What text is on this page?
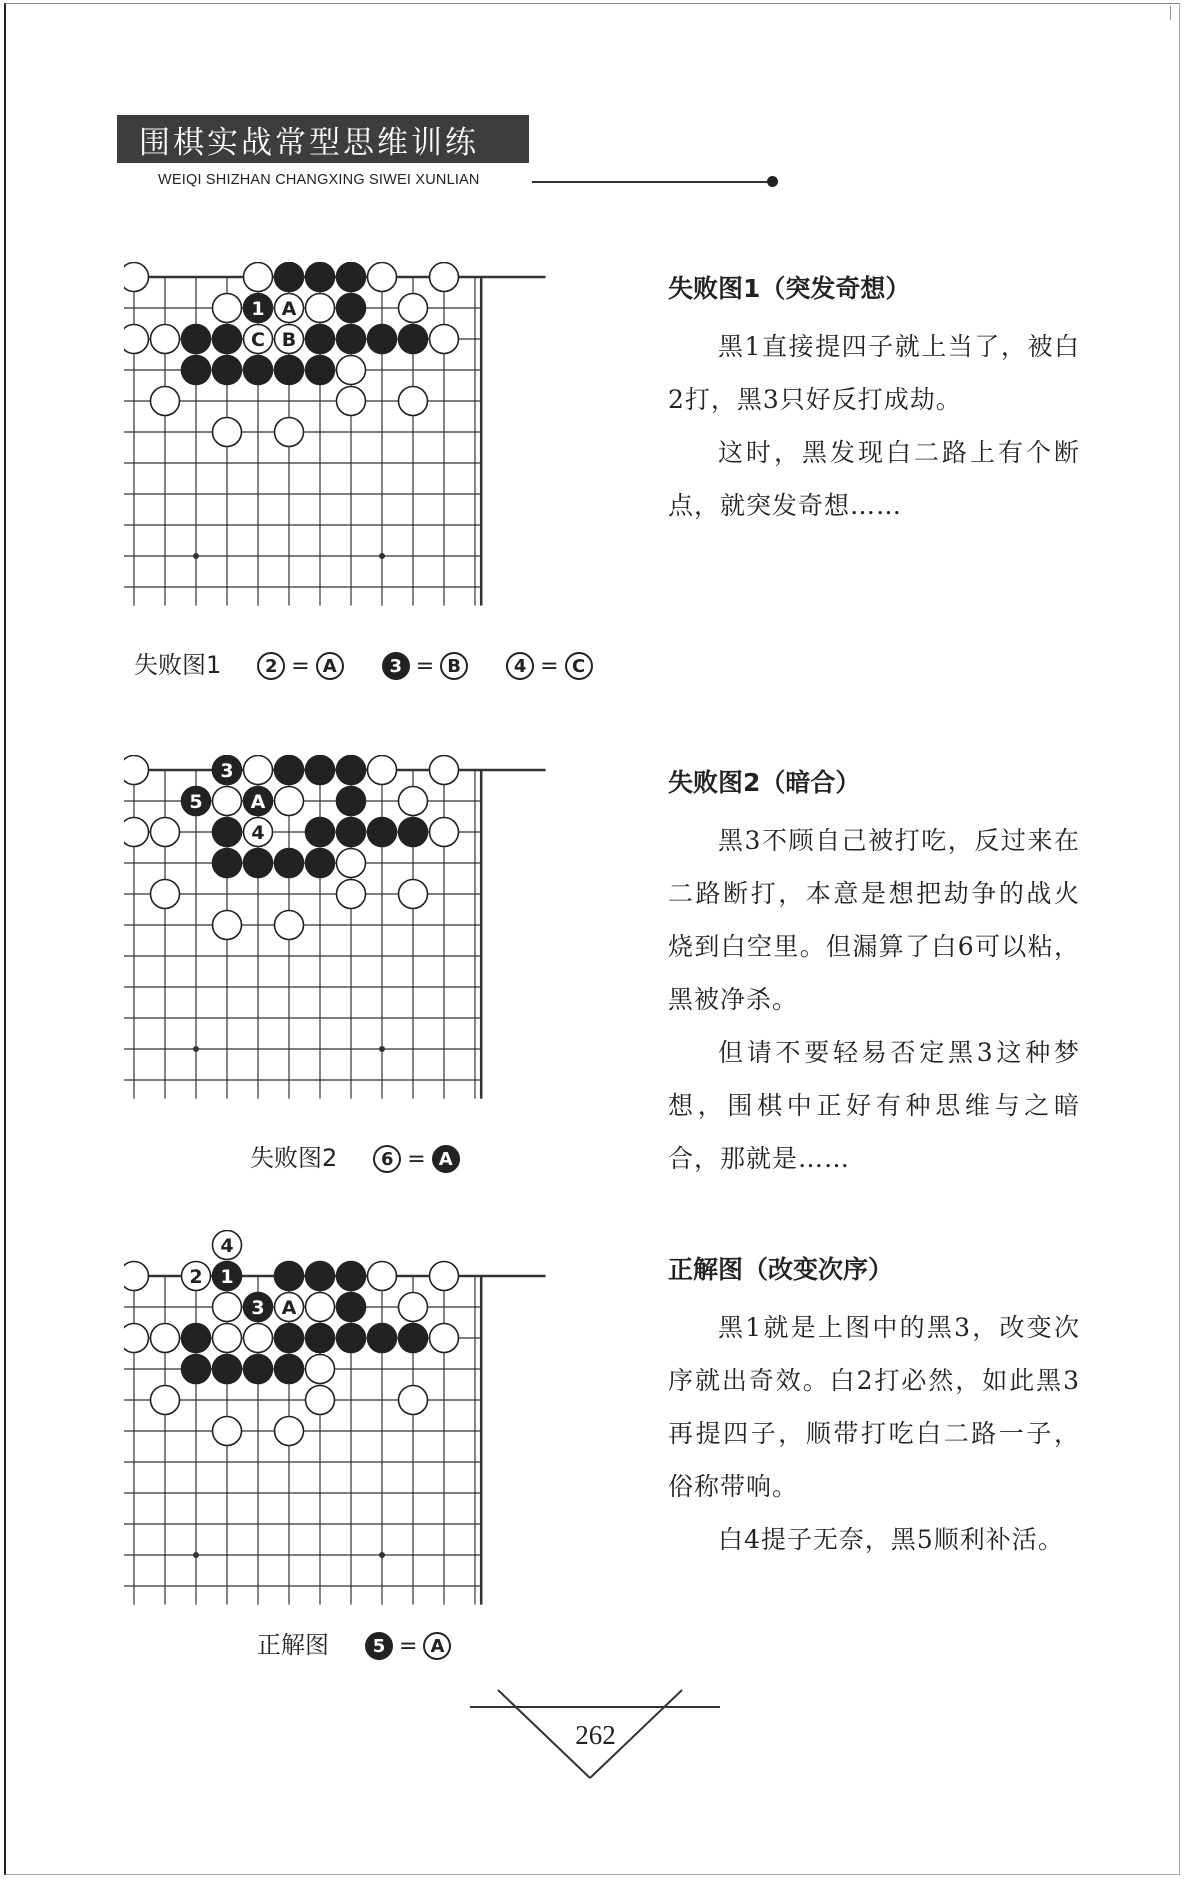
围棋实战常型思维训练
WEIQI SHIZHAN CHANGXING SIWEI XUNLIAN
1 A
C B
失败图1 2 = A	3 = B	4 = C
3
5	A
4
失败图2 6 = A
4
2 1
3 A
正解图 5 = A
失败图1（突发奇想）

黑1直接提四子就上当了，被白2打，黑3只好反打成劫。

这时，黑发现白二路上有个断点，就突发奇想……

失败图2（暗合）

黑3不顾自己被打吃，反过来在二路断打，本意是想把劫争的战火烧到白空里。但漏算了白6可以粘，黑被净杀。

但请不要轻易否定黑3这种梦想，围棋中正好有种思维与之暗合，那就是……

正解图（改变次序）

黑1就是上图中的黑3，改变次序就出奇效。白2打必然，如此黑3再提四子，顺带打吃白二路一子，俗称带响。

白4提子无奈，黑5顺利补活。

262
